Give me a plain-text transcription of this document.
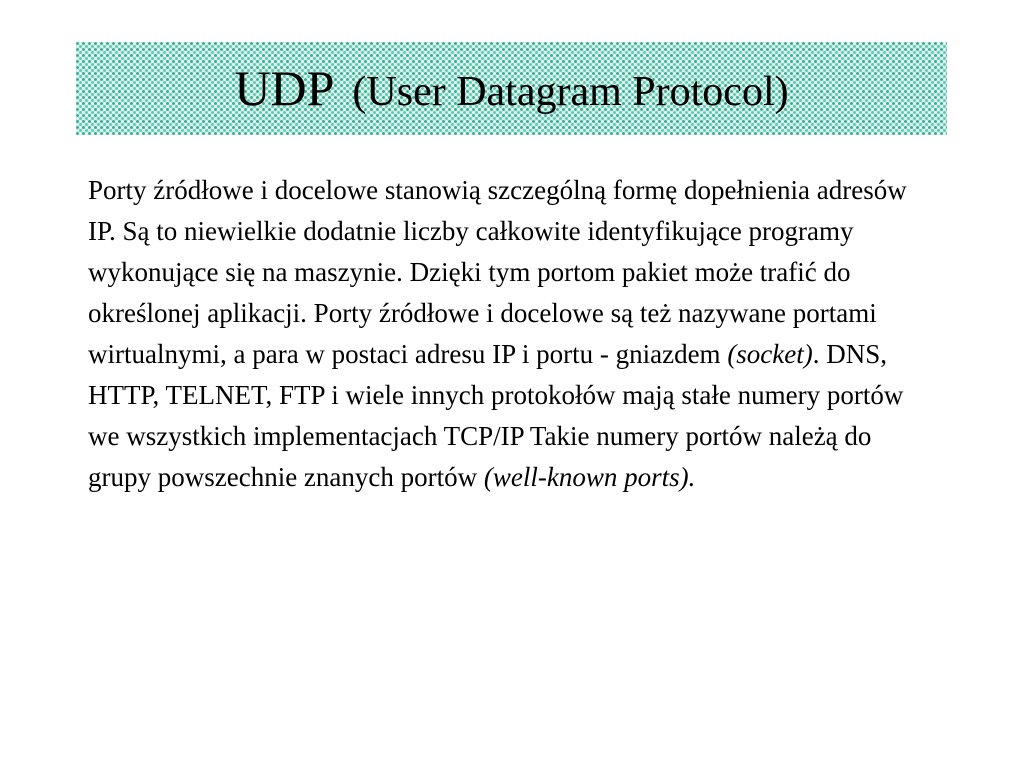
UDP (User Datagram Protocol)
Porty źródłowe i docelowe stanowią szczególną formę dopełnienia adresów IP. Są to niewielkie dodatnie liczby całkowite identyfikujące programy wykonujące się na maszynie. Dzięki tym portom pakiet może trafić do określonej aplikacji. Porty źródłowe i docelowe są też nazywane portami wirtualnymi, a para w postaci adresu IP i portu - gniazdem (socket). DNS, HTTP, TELNET, FTP i wiele innych protokołów mają stałe numery portów we wszystkich implementacjach TCP/IP Takie numery portów należą do grupy powszechnie znanych portów (well-known ports).
